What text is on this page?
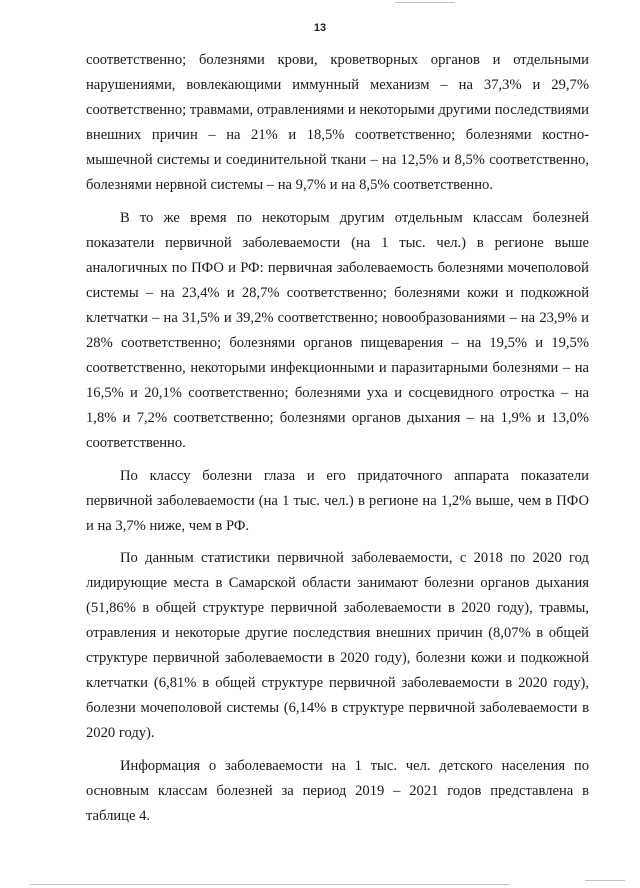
13

соответственно; болезнями крови, кроветворных органов и отдельными нарушениями, вовлекающими иммунный механизм – на 37,3% и 29,7% соответственно; травмами, отравлениями и некоторыми другими последствиями внешних причин – на 21% и 18,5% соответственно; болезнями костно-мышечной системы и соединительной ткани – на 12,5% и 8,5% соответственно, болезнями нервной системы – на 9,7% и на 8,5% соответственно.

В то же время по некоторым другим отдельным классам болезней показатели первичной заболеваемости (на 1 тыс. чел.) в регионе выше аналогичных по ПФО и РФ: первичная заболеваемость болезнями мочеполовой системы – на 23,4% и 28,7% соответственно; болезнями кожи и подкожной клетчатки – на 31,5% и 39,2% соответственно; новообразованиями – на 23,9% и 28% соответственно; болезнями органов пищеварения – на 19,5% и 19,5% соответственно, некоторыми инфекционными и паразитарными болезнями – на 16,5% и 20,1% соответственно; болезнями уха и сосцевидного отростка – на 1,8% и 7,2% соответственно; болезнями органов дыхания – на 1,9% и 13,0% соответственно.

По классу болезни глаза и его придаточного аппарата показатели первичной заболеваемости (на 1 тыс. чел.) в регионе на 1,2% выше, чем в ПФО и на 3,7% ниже, чем в РФ.

По данным статистики первичной заболеваемости, с 2018 по 2020 год лидирующие места в Самарской области занимают болезни органов дыхания (51,86% в общей структуре первичной заболеваемости в 2020 году), травмы, отравления и некоторые другие последствия внешних причин (8,07% в общей структуре первичной заболеваемости в 2020 году), болезни кожи и подкожной клетчатки (6,81% в общей структуре первичной заболеваемости в 2020 году), болезни мочеполовой системы (6,14% в структуре первичной заболеваемости в 2020 году).

Информация о заболеваемости на 1 тыс. чел. детского населения по основным классам болезней за период 2019 – 2021 годов представлена в таблице 4.
